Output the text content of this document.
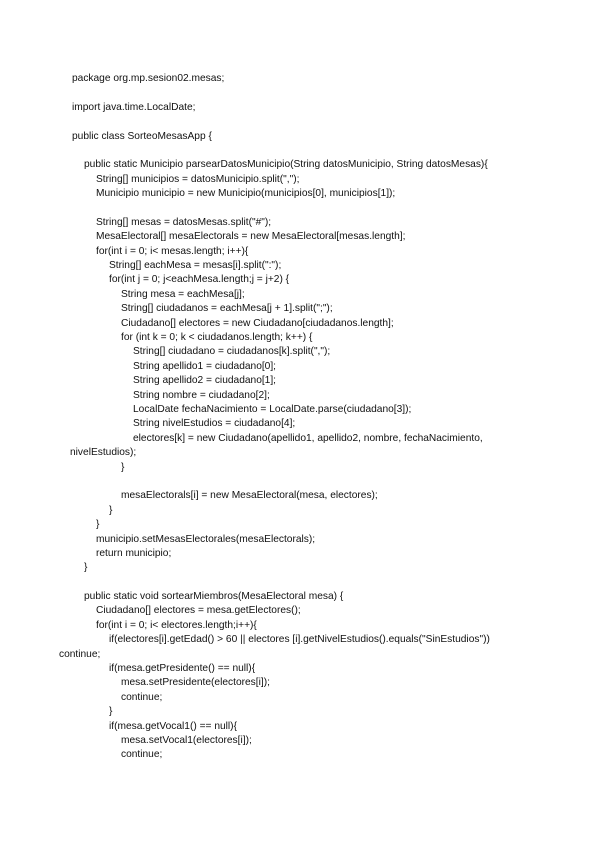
package org.mp.sesion02.mesas;
import java.time.LocalDate;
public class SorteoMesasApp {
public static Municipio parsearDatosMunicipio(String datosMunicipio, String datosMesas){
String[] municipios = datosMunicipio.split(",");
Municipio municipio = new Municipio(municipios[0], municipios[1]);
String[] mesas = datosMesas.split("#");
MesaElectoral[] mesaElectorals = new MesaElectoral[mesas.length];
for(int i = 0; i< mesas.length; i++){
String[] eachMesa = mesas[i].split(":");
for(int j = 0; j<eachMesa.length;j = j+2) {
String mesa = eachMesa[j];
String[] ciudadanos = eachMesa[j + 1].split(";");
Ciudadano[] electores = new Ciudadano[ciudadanos.length];
for (int k = 0; k < ciudadanos.length; k++) {
String[] ciudadano = ciudadanos[k].split(",");
String apellido1 = ciudadano[0];
String apellido2 = ciudadano[1];
String nombre = ciudadano[2];
LocalDate fechaNacimiento = LocalDate.parse(ciudadano[3]);
String nivelEstudios = ciudadano[4];
electores[k] = new Ciudadano(apellido1, apellido2, nombre, fechaNacimiento,
nivelEstudios);
}
mesaElectorals[i] = new MesaElectoral(mesa, electores);
}
}
municipio.setMesasElectorales(mesaElectorals);
return municipio;
}
public static void sortearMiembros(MesaElectoral mesa) {
Ciudadano[] electores = mesa.getElectores();
for(int i = 0; i< electores.length;i++){
if(electores[i].getEdad() > 60 || electores [i].getNivelEstudios().equals("SinEstudios"))
continue;
if(mesa.getPresidente() == null){
mesa.setPresidente(electores[i]);
continue;
}
if(mesa.getVocal1() == null){
mesa.setVocal1(electores[i]);
continue;
